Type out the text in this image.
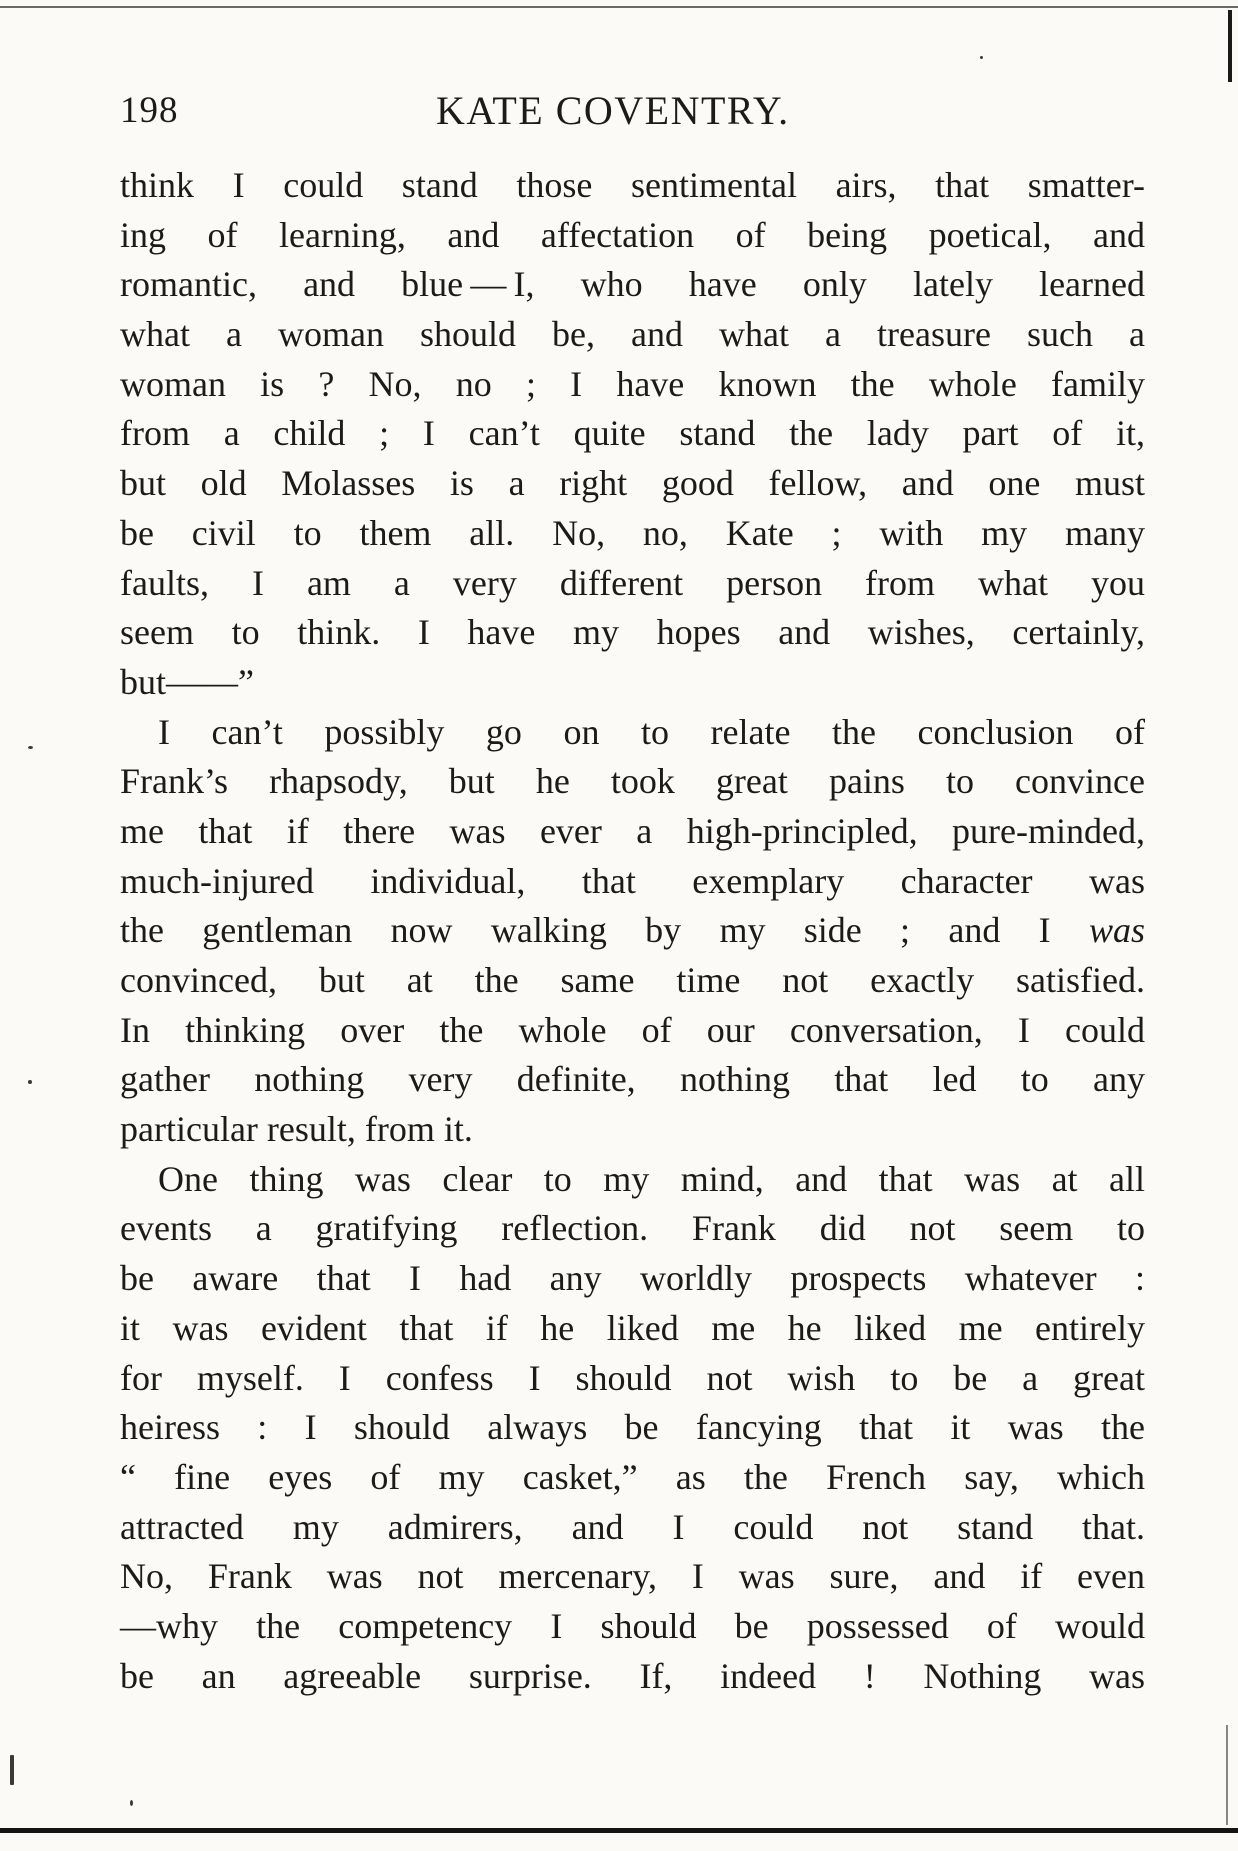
198	KATE COVENTRY.
think I could stand those sentimental airs, that smatter-
ing of learning, and affectation of being poetical, and
romantic, and blue — I, who have only lately learned
what a woman should be, and what a treasure such a
woman is ? No, no ; I have known the whole family
from a child ; I can’t quite stand the lady part of it,
but old Molasses is a right good fellow, and one must
be civil to them all. No, no, Kate ; with my many
faults, I am a very different person from what you
seem to think. I have my hopes and wishes, certainly,
but——”
I can’t possibly go on to relate the conclusion of
Frank’s rhapsody, but he took great pains to convince
me that if there was ever a high-principled, pure-minded,
much-injured individual, that exemplary character was
the gentleman now walking by my side ; and I was
convinced, but at the same time not exactly satisfied.
In thinking over the whole of our conversation, I could
gather nothing very definite, nothing that led to any
particular result, from it.
One thing was clear to my mind, and that was at all
events a gratifying reflection. Frank did not seem to
be aware that I had any worldly prospects whatever :
it was evident that if he liked me he liked me entirely
for myself. I confess I should not wish to be a great
heiress : I should always be fancying that it was the
“ fine eyes of my casket,” as the French say, which
attracted my admirers, and I could not stand that.
No, Frank was not mercenary, I was sure, and if even
—why the competency I should be possessed of would
be an agreeable surprise. If, indeed ! Nothing was
